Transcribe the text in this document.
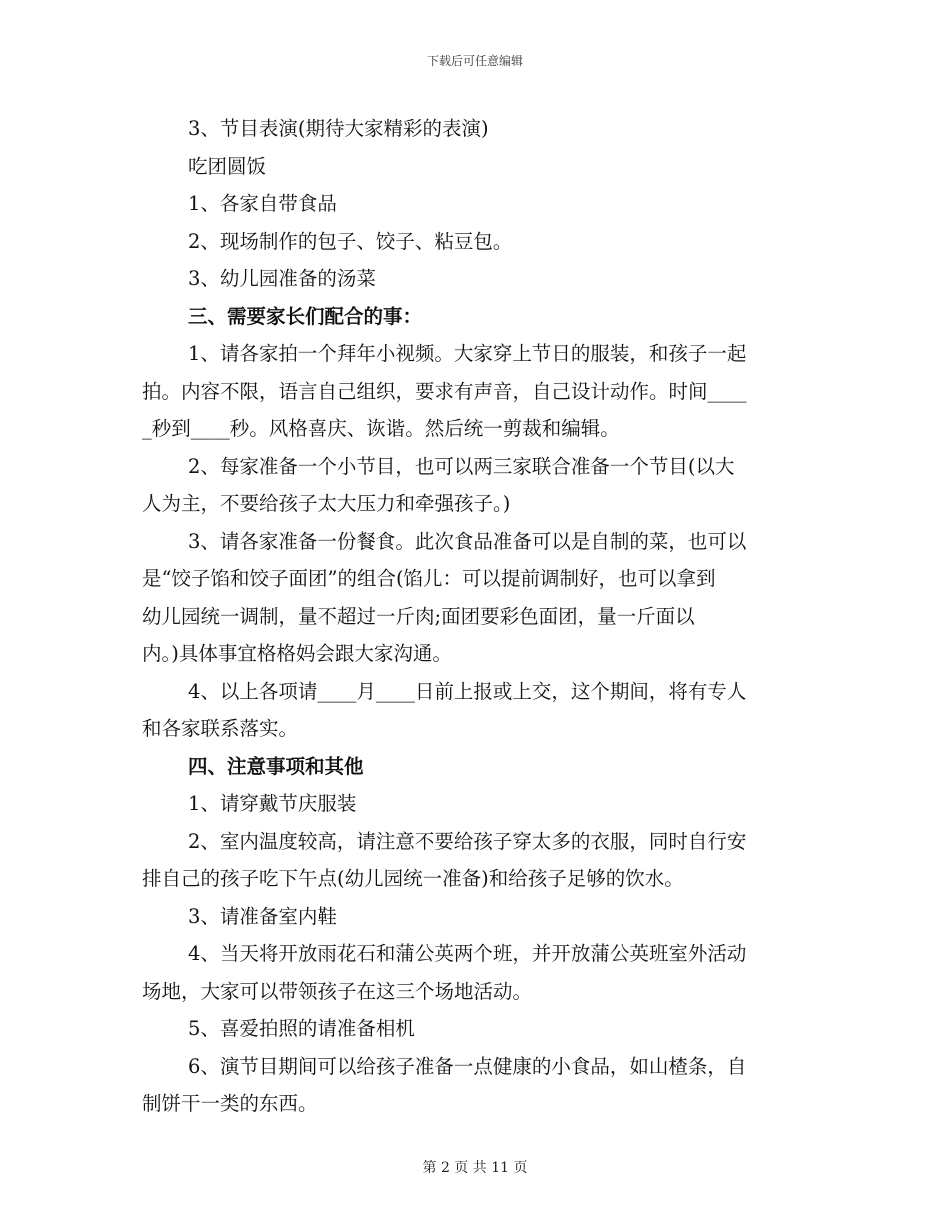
下载后可任意编辑
3、节目表演(期待大家精彩的表演)
吃团圆饭
1、各家自带食品
2、现场制作的包子、饺子、粘豆包。
3、幼儿园准备的汤菜
三、需要家长们配合的事：
1、请各家拍一个拜年小视频。大家穿上节日的服装，和孩子一起
拍。内容不限，语言自己组织，要求有声音，自己设计动作。时间____
_秒到____秒。风格喜庆、诙谐。然后统一剪裁和编辑。
2、每家准备一个小节目，也可以两三家联合准备一个节目(以大
人为主，不要给孩子太大压力和牵强孩子。)
3、请各家准备一份餐食。此次食品准备可以是自制的菜，也可以
是“饺子馅和饺子面团”的组合(馅儿：可以提前调制好，也可以拿到
幼儿园统一调制，量不超过一斤肉;面团要彩色面团，量一斤面以
内。)具体事宜格格妈会跟大家沟通。
4、以上各项请____月____日前上报或上交，这个期间，将有专人
和各家联系落实。
四、注意事项和其他
1、请穿戴节庆服装
2、室内温度较高，请注意不要给孩子穿太多的衣服，同时自行安
排自己的孩子吃下午点(幼儿园统一准备)和给孩子足够的饮水。
3、请准备室内鞋
4、当天将开放雨花石和蒲公英两个班，并开放蒲公英班室外活动
场地，大家可以带领孩子在这三个场地活动。
5、喜爱拍照的请准备相机
6、演节目期间可以给孩子准备一点健康的小食品，如山楂条，自
制饼干一类的东西。
第 2 页 共 11 页
